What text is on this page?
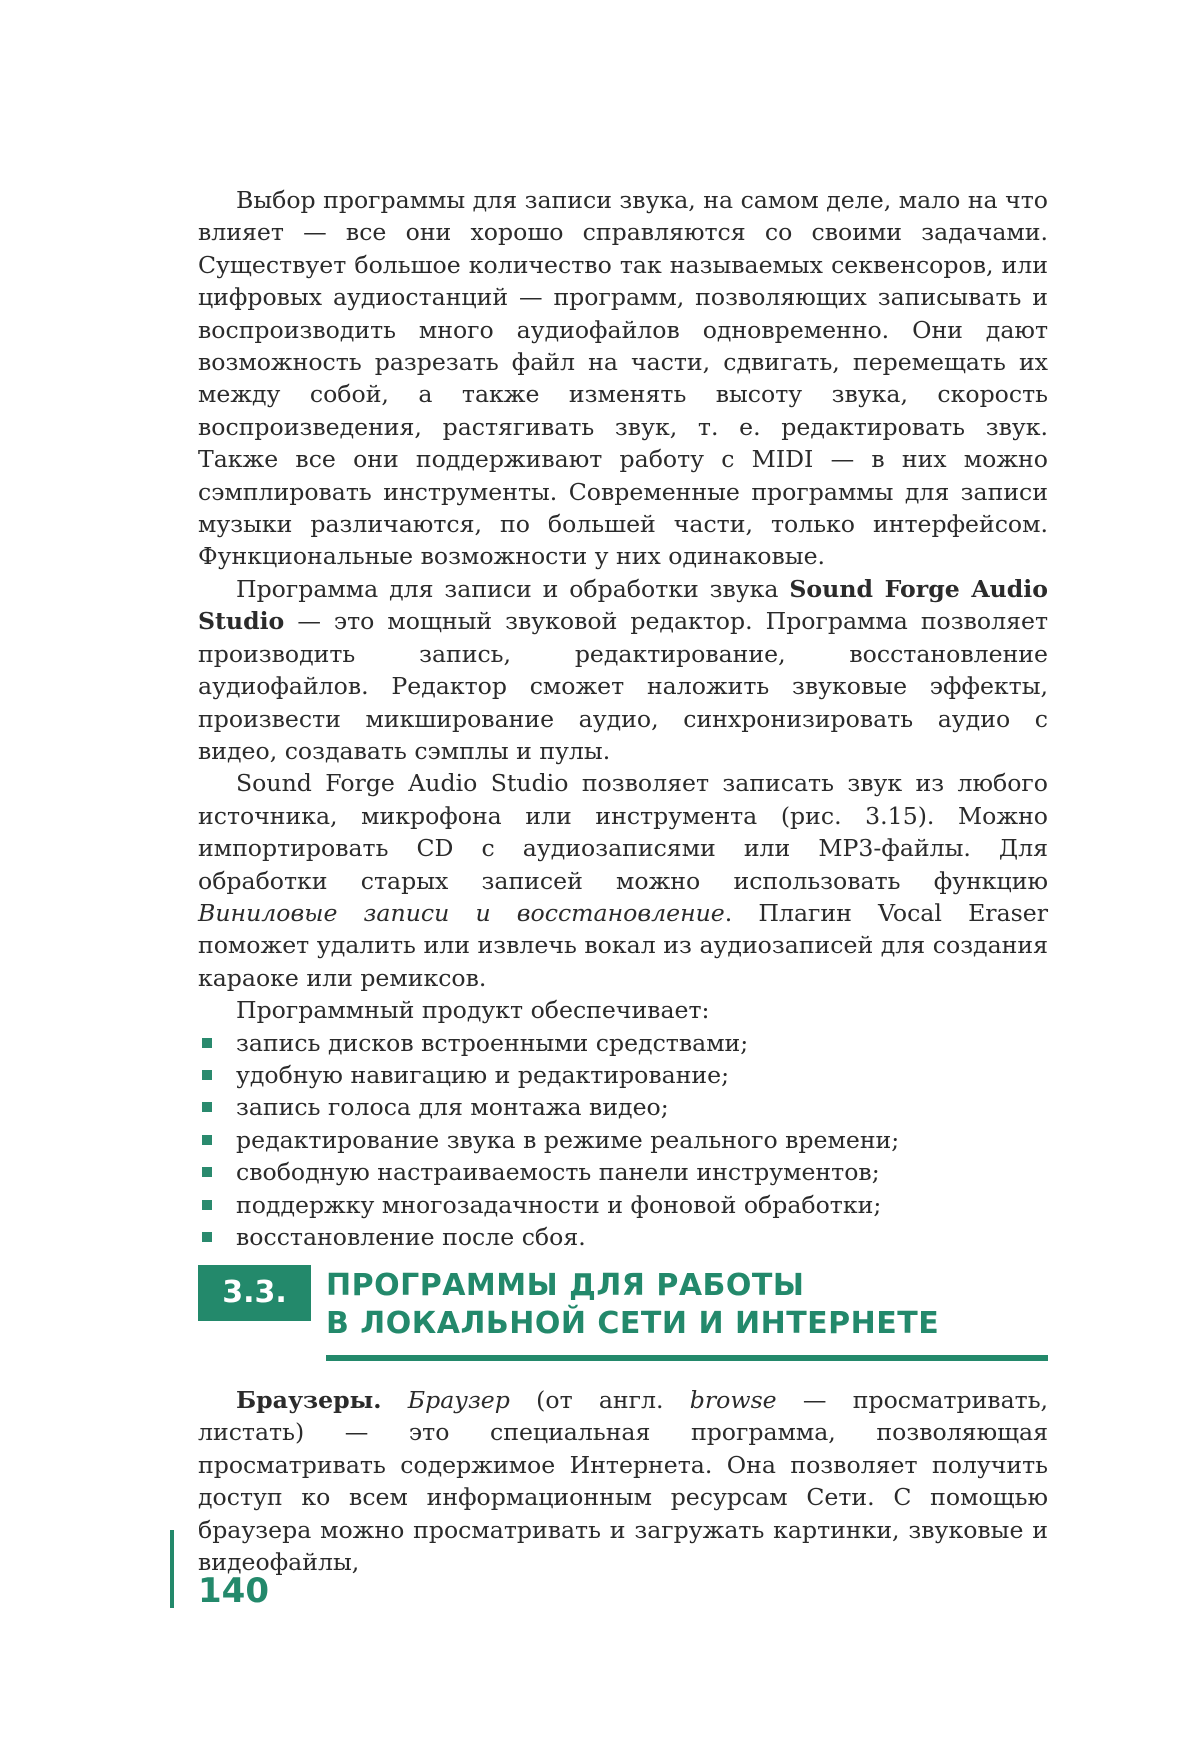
Выбор программы для записи звука, на самом деле, мало на что влияет — все они хорошо справляются со своими задачами. Существует большое количество так называемых секвенсоров, или цифровых аудиостанций — программ, позволяющих записывать и воспроизводить много аудиофайлов одновременно. Они дают возможность разрезать файл на части, сдвигать, перемещать их между собой, а также изменять высоту звука, скорость воспроизведения, растягивать звук, т. е. редактировать звук. Также все они поддерживают работу с MIDI — в них можно сэмплировать инструменты. Современные программы для записи музыки различаются, по большей части, только интерфейсом. Функциональные возможности у них одинаковые.

Программа для записи и обработки звука Sound Forge Audio Studio — это мощный звуковой редактор. Программа позволяет производить запись, редактирование, восстановление аудиофайлов. Редактор сможет наложить звуковые эффекты, произвести микширование аудио, синхронизировать аудио с видео, создавать сэмплы и пулы.

Sound Forge Audio Studio позволяет записать звук из любого источника, микрофона или инструмента (рис. 3.15). Можно импортировать CD с аудиозаписями или MP3-файлы. Для обработки старых записей можно использовать функцию Виниловые записи и восстановление. Плагин Vocal Eraser поможет удалить или извлечь вокал из аудиозаписей для создания караоке или ремиксов.

Программный продукт обеспечивает:

запись дисков встроенными средствами;
удобную навигацию и редактирование;
запись голоса для монтажа видео;
редактирование звука в режиме реального времени;
свободную настраиваемость панели инструментов;
поддержку многозадачности и фоновой обработки;
восстановление после сбоя.
3.3.	ПРОГРАММЫ ДЛЯ РАБОТЫ
В ЛОКАЛЬНОЙ СЕТИ И ИНТЕРНЕТЕ

Браузеры. Браузер (от англ. browse — просматривать, листать) — это специальная программа, позволяющая просматривать содержимое Интернета. Она позволяет получить доступ ко всем информационным ресурсам Сети. С помощью браузера можно просматривать и загружать картинки, звуковые и видеофайлы,

140
